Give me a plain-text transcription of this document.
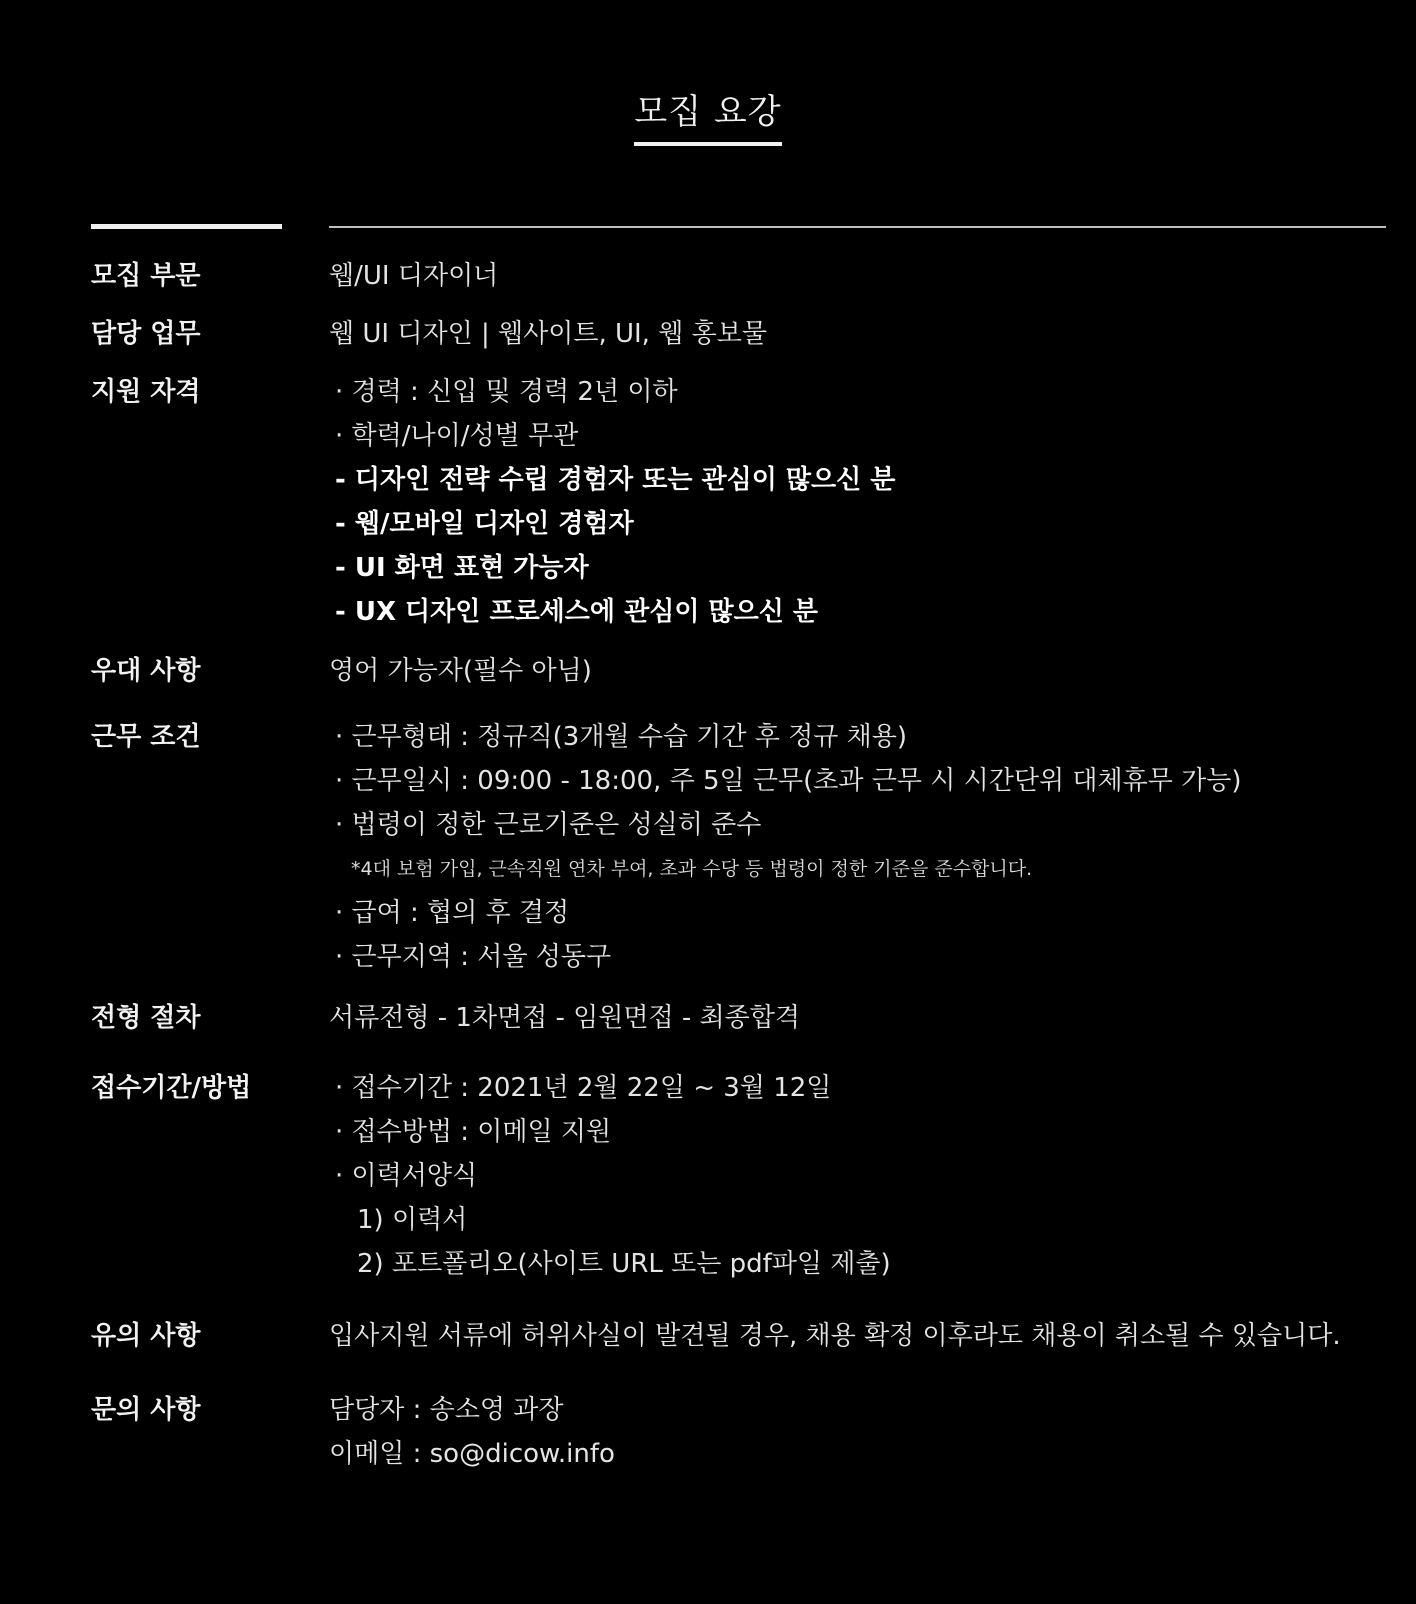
모집 요강
모집 부문	웹/UI 디자이너
담당 업무	웹 UI 디자인 | 웹사이트, UI, 웹 홍보물
지원 자격	· 경력 : 신입 및 경력 2년 이하
· 학력/나이/성별 무관
- 디자인 전략 수립 경험자 또는 관심이 많으신 분
- 웹/모바일 디자인 경험자
- UI 화면 표현 가능자
- UX 디자인 프로세스에 관심이 많으신 분
우대 사항	영어 가능자(필수 아님)
근무 조건	· 근무형태 : 정규직(3개월 수습 기간 후 정규 채용)
· 근무일시 : 09:00 - 18:00, 주 5일 근무(초과 근무 시 시간단위 대체휴무 가능)
· 법령이 정한 근로기준은 성실히 준수
*4대 보험 가입, 근속직원 연차 부여, 초과 수당 등 법령이 정한 기준을 준수합니다.
· 급여 : 협의 후 결정
· 근무지역 : 서울 성동구
전형 절차	서류전형 - 1차면접 - 임원면접 - 최종합격
접수기간/방법	· 접수기간 : 2021년 2월 22일 ~ 3월 12일
· 접수방법 : 이메일 지원
· 이력서양식
1) 이력서
2) 포트폴리오(사이트 URL 또는 pdf파일 제출)
유의 사항	입사지원 서류에 허위사실이 발견될 경우, 채용 확정 이후라도 채용이 취소될 수 있습니다.
문의 사항	담당자 : 송소영 과장
이메일 : so@dicow.info
